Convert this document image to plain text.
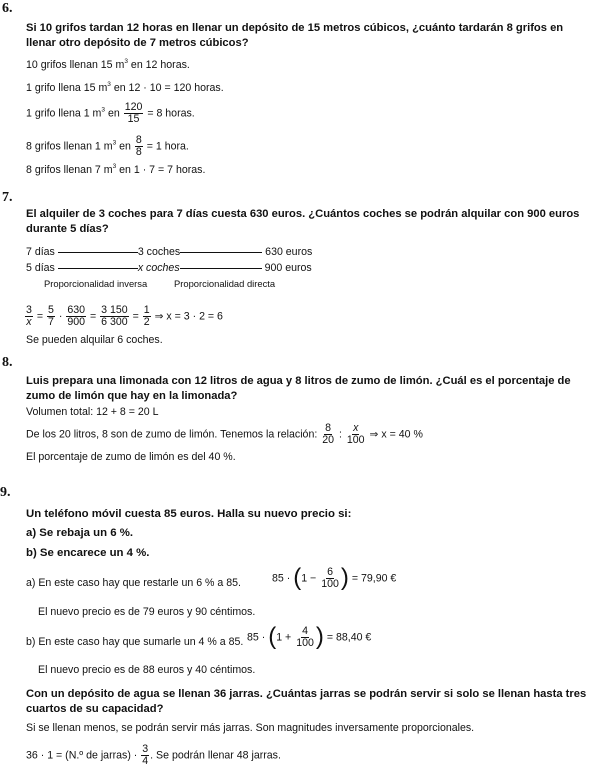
6.
Si 10 grifos tardan 12 horas en llenar un depósito de 15 metros cúbicos, ¿cuánto tardarán 8 grifos en llenar otro depósito de 7 metros cúbicos?
10 grifos llenan 15 $m^3$ en 12 horas.
1 grifo llena 15 $m^3$ en 12 · 10 = 120 horas.
1 grifo llena 1 $m^3$ en $\frac{120}{15} = 8$ horas.
8 grifos llenan 1 $m^3$ en $\frac{8}{8} = 1$ hora.
8 grifos llenan 7 $m^3$ en 1 · 7 = 7 horas.
7.
El alquiler de 3 coches para 7 días cuesta 630 euros. ¿Cuántos coches se podrán alquilar con 900 euros durante 5 días?
7 días	3 coches	630 euros
5 días	x coches	900 euros
Proporcionalidad inversa	Proporcionalidad directa
$\frac{3}{x} = \frac{5}{7} \cdot \frac{630}{900} = \frac{3 150}{6 300} = \frac{1}{2}$ ⇒ x = 3 · 2 = 6
Se pueden alquilar 6 coches.
8.
Luis prepara una limonada con 12 litros de agua y 8 litros de zumo de limón. ¿Cuál es el porcentaje de zumo de limón que hay en la limonada?
Volumen total: 12 + 8 = 20 L
De los 20 litros, 8 son de zumo de limón. Tenemos la relación: $\frac{8}{20}$ : $\frac{x}{100}$ ⇒ x = 40 %
El porcentaje de zumo de limón es del 40 %.
9.
Un teléfono móvil cuesta 85 euros. Halla su nuevo precio si:
a) Se rebaja un 6 %.
b) Se encarece un 4 %.
a) En este caso hay que restarle un 6 % a 85.	$85 \cdot (1 - \frac{6}{100}$ ) = 79,90 €
El nuevo precio es de 79 euros y 90 céntimos.
b) En este caso hay que sumarle un 4 % a 85. $85 \cdot (1 + \frac{4}{100}$ ) = 88,40 €
El nuevo precio es de 88 euros y 40 céntimos.
Con un depósito de agua se llenan 36 jarras. ¿Cuántas jarras se podrán servir si solo se llenan hasta tres cuartos de su capacidad?
Si se llenan menos, se podrán servir más jarras. Son magnitudes inversamente proporcionales.
36 · 1 = (N.º de jarras) · $\frac{3}{4}$ . Se podrán llenar 48 jarras.
